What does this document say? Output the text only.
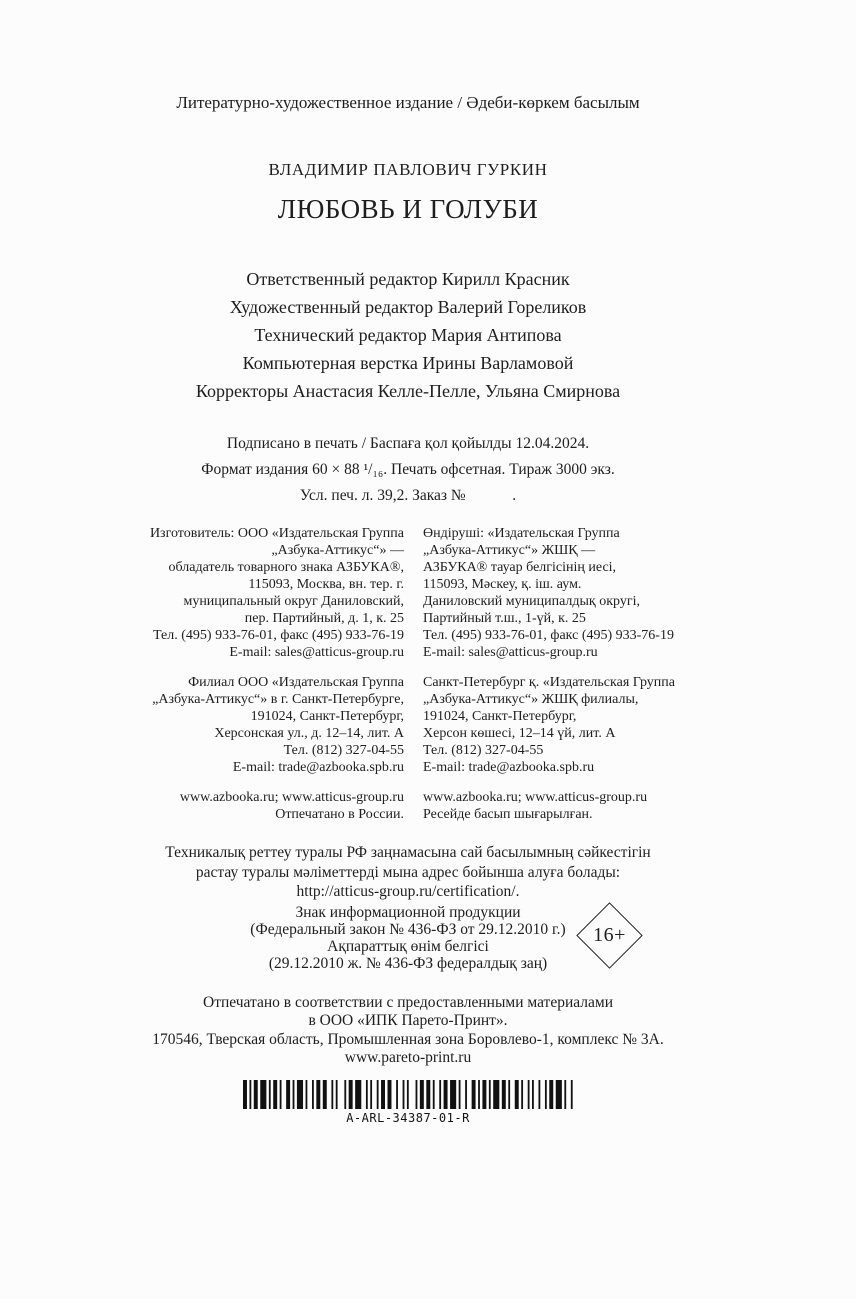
Литературно-художественное издание / Әдеби-көркем басылым
ВЛАДИМИР ПАВЛОВИЧ ГУРКИН
ЛЮБОВЬ И ГОЛУБИ
Ответственный редактор Кирилл Красник
Художественный редактор Валерий Гореликов
Технический редактор Мария Антипова
Компьютерная верстка Ирины Варламовой
Корректоры Анастасия Келле-Пелле, Ульяна Смирнова
Подписано в печать / Баспаға қол қойылды 12.04.2024.
Формат издания 60 × 88 ¹/₁₆. Печать офсетная. Тираж 3000 экз.
Усл. печ. л. 39,2. Заказ №            .
Изготовитель: ООО «Издательская Группа
„Азбука-Аттикус“» —
обладатель товарного знака АЗБУКА®,
115093, Москва, вн. тер. г.
муниципальный округ Даниловский,
пер. Партийный, д. 1, к. 25
Тел. (495) 933-76-01, факс (495) 933-76-19
E-mail: sales@atticus-group.ru
Филиал ООО «Издательская Группа
„Азбука-Аттикус“» в г. Санкт-Петербурге,
191024, Санкт-Петербург,
Херсонская ул., д. 12–14, лит. А
Тел. (812) 327-04-55
E-mail: trade@azbooka.spb.ru
www.azbooka.ru; www.atticus-group.ru
Отпечатано в России.
Өндіруші: «Издательская Группа
„Азбука-Аттикус“» ЖШҚ —
АЗБУКА® тауар белгісінің иесі,
115093, Мәскеу, қ. іш. аум.
Даниловский муниципалдық округі,
Партийный т.ш., 1-үй, к. 25
Тел. (495) 933-76-01, факс (495) 933-76-19
E-mail: sales@atticus-group.ru
Санкт-Петербург қ. «Издательская Группа
„Азбука-Аттикус“» ЖШҚ филиалы,
191024, Санкт-Петербург,
Херсон көшесі, 12–14 үй, лит. А
Тел. (812) 327-04-55
E-mail: trade@azbooka.spb.ru
www.azbooka.ru; www.atticus-group.ru
Ресейде басып шығарылған.
Техникалық реттеу туралы РФ заңнамасына сай басылымның сәйкестігін
растау туралы мәліметтерді мына адрес бойынша алуға болады:
http://atticus-group.ru/certification/.
Знак информационной продукции
(Федеральный закон № 436-ФЗ от 29.12.2010 г.)
Ақпараттық өнім белгісі
(29.12.2010 ж. № 436-ФЗ федералдық заң)
16+
Отпечатано в соответствии с предоставленными материалами
в ООО «ИПК Парето-Принт».
170546, Тверская область, Промышленная зона Боровлево-1, комплекс № 3А.
www.pareto-print.ru
A-ARL-34387-01-R
